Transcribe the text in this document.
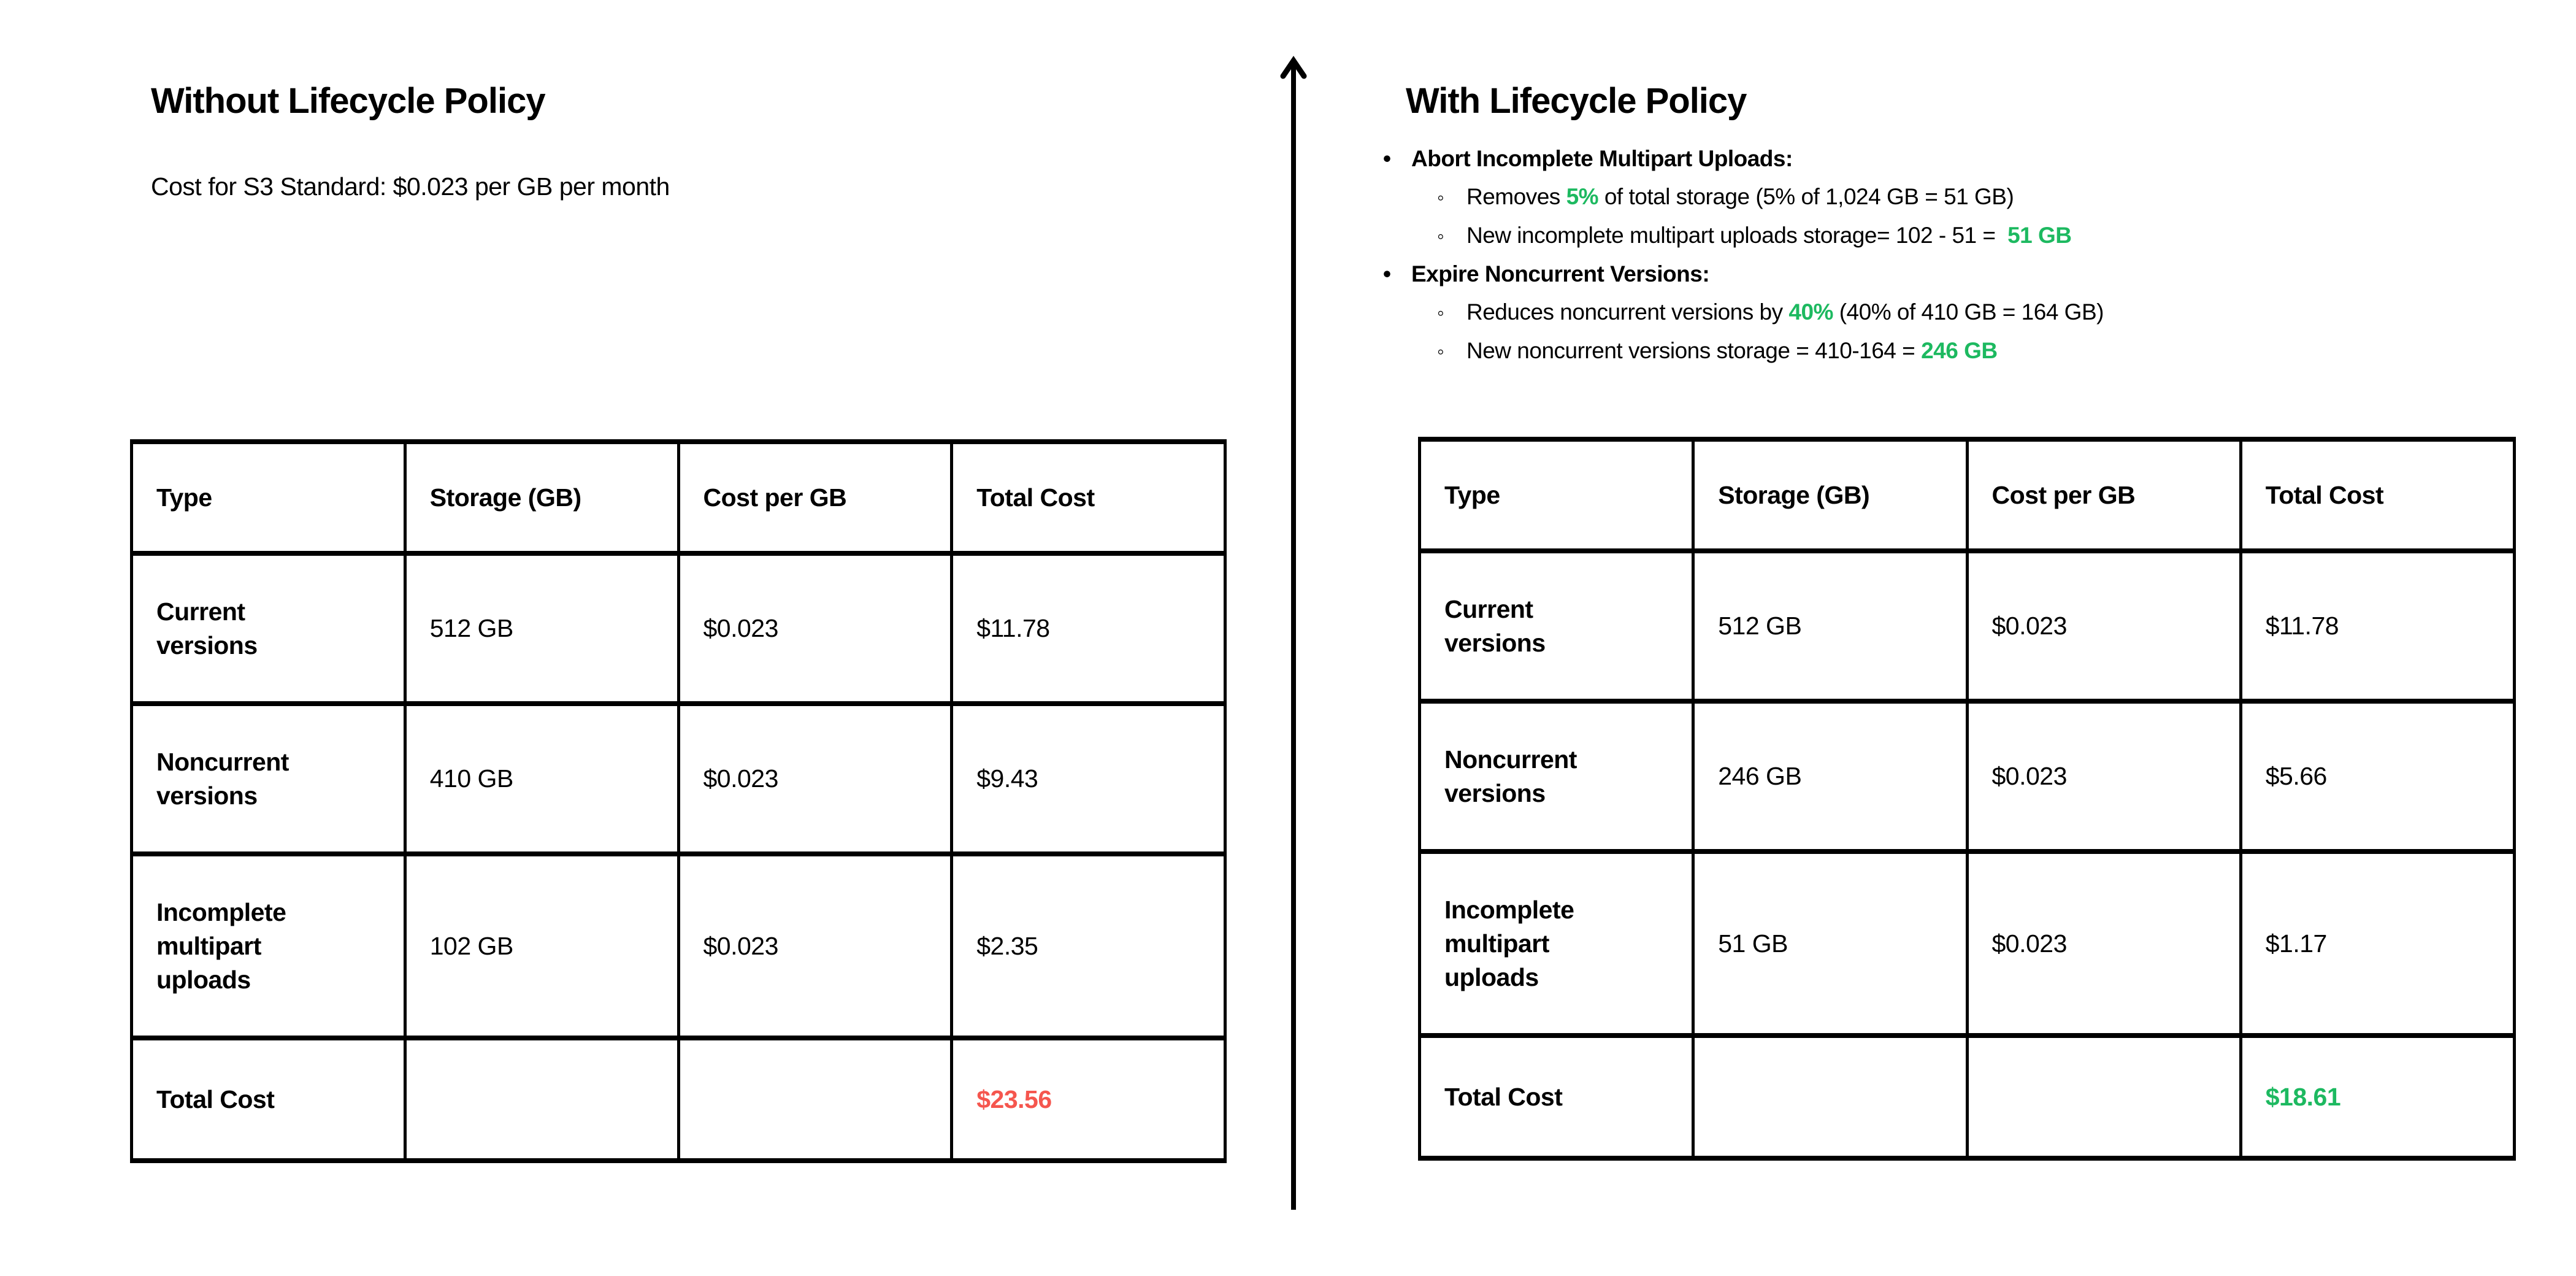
Without Lifecycle Policy

Cost for S3 Standard: $0.023 per GB per month

Type	Storage (GB)	Cost per GB	Total Cost
Current versions	512 GB	$0.023	$11.78
Noncurrent versions	410 GB	$0.023	$9.43
Incomplete multipart uploads	102 GB	$0.023	$2.35
Total Cost			$23.56
With Lifecycle Policy
• Abort Incomplete Multipart Uploads:
◦ Removes 5% of total storage (5% of 1,024 GB = 51 GB)
◦ New incomplete multipart uploads storage= 102 - 51 =  51 GB
• Expire Noncurrent Versions:
◦ Reduces noncurrent versions by 40% (40% of 410 GB = 164 GB)
◦ New noncurrent versions storage = 410-164 = 246 GB
Type	Storage (GB)	Cost per GB	Total Cost
Current versions	512 GB	$0.023	$11.78
Noncurrent versions	246 GB	$0.023	$5.66
Incomplete multipart uploads	51 GB	$0.023	$1.17
Total Cost			$18.61
